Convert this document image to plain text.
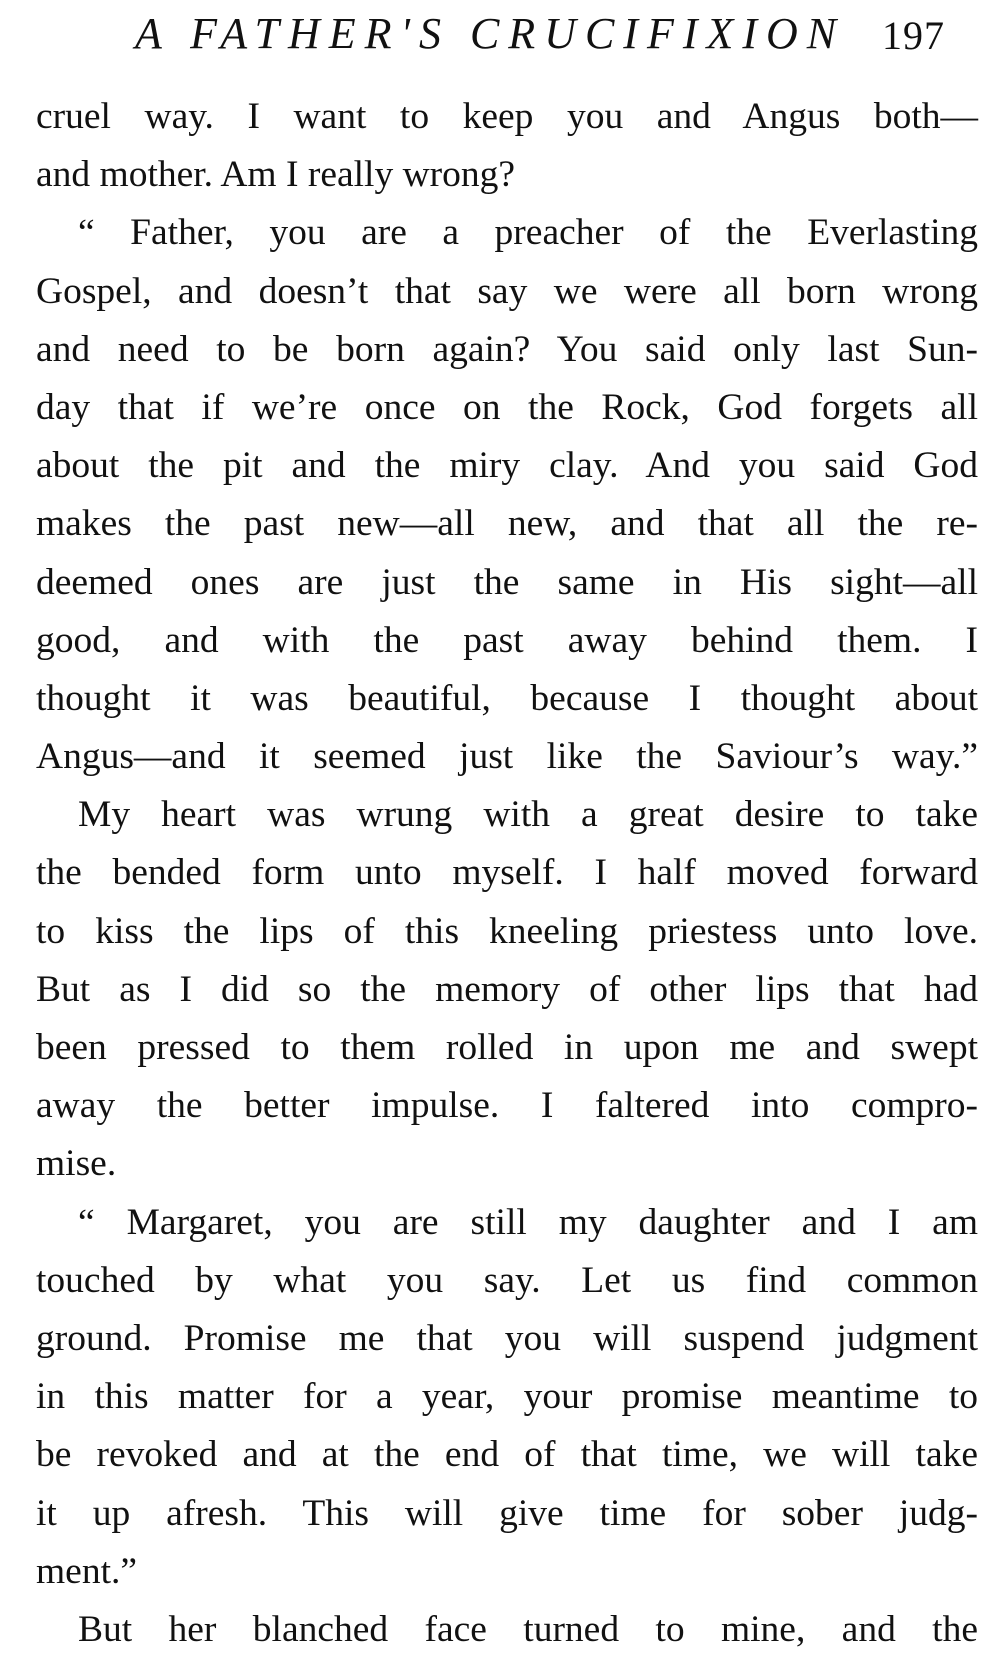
A FATHER'S CRUCIFIXION 197
cruel way. I want to keep you and Angus both—
and mother. Am I really wrong?
“ Father, you are a preacher of the Everlasting
Gospel, and doesn’t that say we were all born wrong
and need to be born again? You said only last Sun-
day that if we’re once on the Rock, God forgets all
about the pit and the miry clay. And you said God
makes the past new—all new, and that all the re-
deemed ones are just the same in His sight—all
good, and with the past away behind them. I
thought it was beautiful, because I thought about
Angus—and it seemed just like the Saviour’s way.”
My heart was wrung with a great desire to take
the bended form unto myself. I half moved forward
to kiss the lips of this kneeling priestess unto love.
But as I did so the memory of other lips that had
been pressed to them rolled in upon me and swept
away the better impulse. I faltered into compro-
mise.
“ Margaret, you are still my daughter and I am
touched by what you say. Let us find common
ground. Promise me that you will suspend judgment
in this matter for a year, your promise meantime to
be revoked and at the end of that time, we will take
it up afresh. This will give time for sober judg-
ment.”
But her blanched face turned to mine, and the
